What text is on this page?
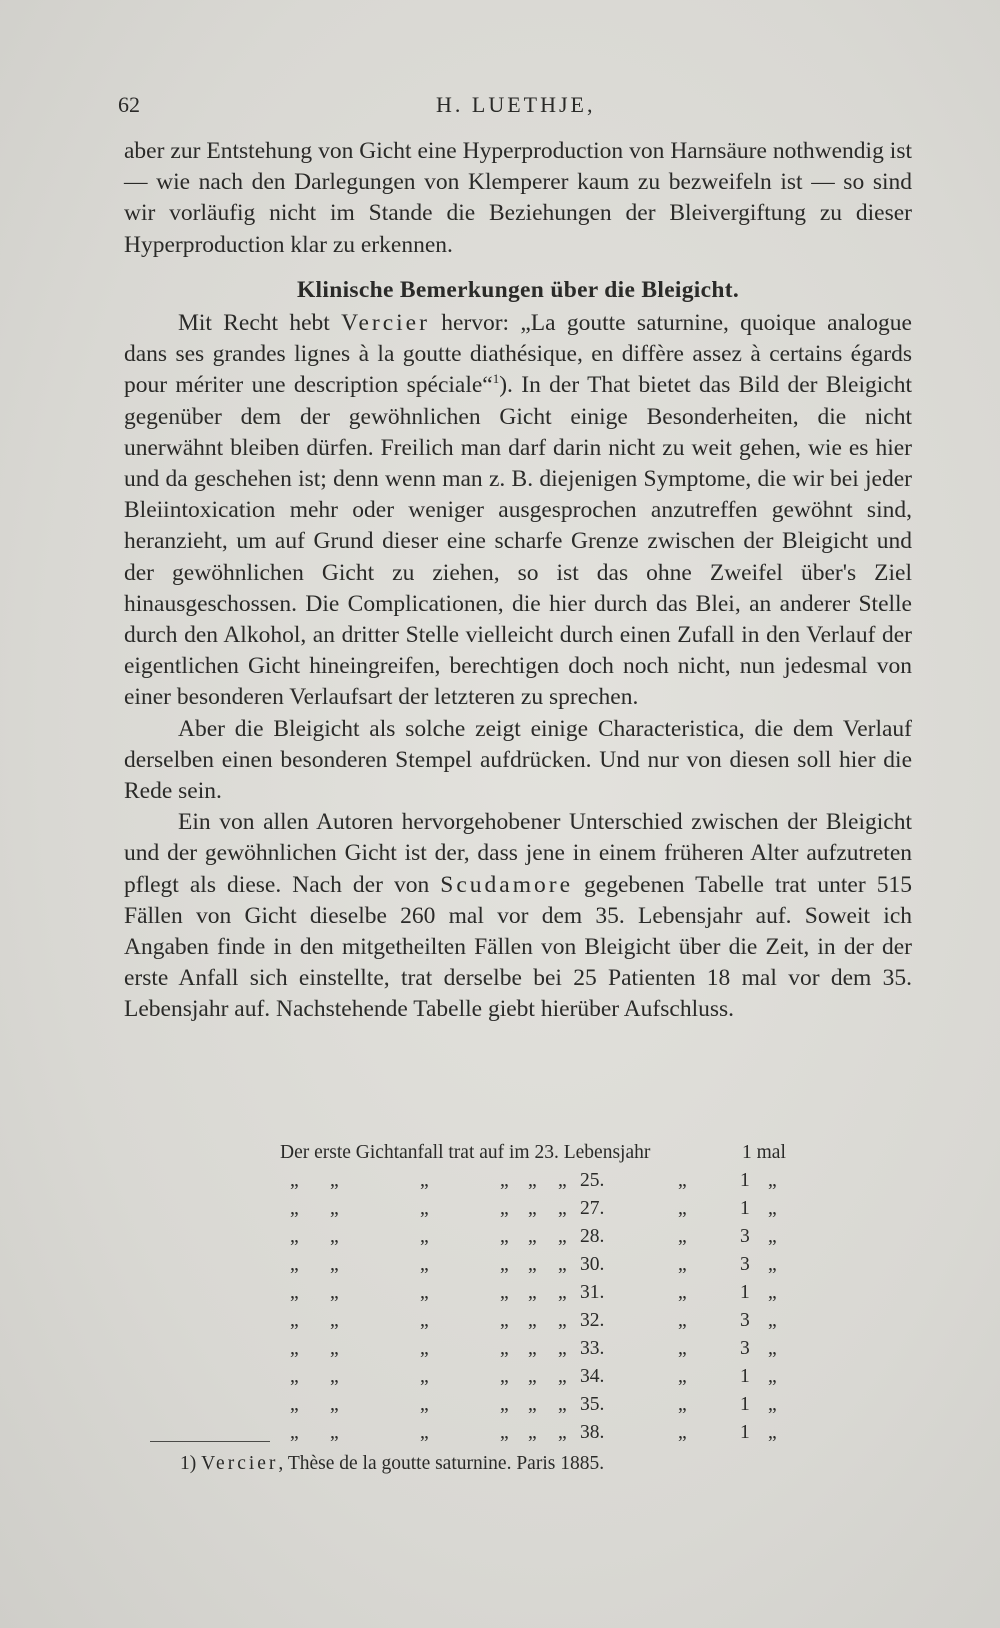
62	H. LUETHJE,

aber zur Entstehung von Gicht eine Hyperproduction von Harnsäure nothwendig ist — wie nach den Darlegungen von Klemperer kaum zu bezweifeln ist — so sind wir vorläufig nicht im Stande die Beziehungen der Bleivergiftung zu dieser Hyperproduction klar zu erkennen.

Klinische Bemerkungen über die Bleigicht.

Mit Recht hebt Vercier hervor: „La goutte saturnine, quoique analogue dans ses grandes lignes à la goutte diathésique, en diffère assez à certains égards pour mériter une description spéciale“$^1$). In der That bietet das Bild der Bleigicht gegenüber dem der gewöhnlichen Gicht einige Besonderheiten, die nicht unerwähnt bleiben dürfen. Freilich man darf darin nicht zu weit gehen, wie es hier und da geschehen ist; denn wenn man z. B. diejenigen Symptome, die wir bei jeder Bleiintoxication mehr oder weniger ausgesprochen anzutreffen gewöhnt sind, heranzieht, um auf Grund dieser eine scharfe Grenze zwischen der Bleigicht und der gewöhnlichen Gicht zu ziehen, so ist das ohne Zweifel über's Ziel hinausgeschossen. Die Complicationen, die hier durch das Blei, an anderer Stelle durch den Alkohol, an dritter Stelle vielleicht durch einen Zufall in den Verlauf der eigentlichen Gicht hineingreifen, berechtigen doch noch nicht, nun jedesmal von einer besonderen Verlaufsart der letzteren zu sprechen.

Aber die Bleigicht als solche zeigt einige Characteristica, die dem Verlauf derselben einen besonderen Stempel aufdrücken. Und nur von diesen soll hier die Rede sein.

Ein von allen Autoren hervorgehobener Unterschied zwischen der Bleigicht und der gewöhnlichen Gicht ist der, dass jene in einem früheren Alter aufzutreten pflegt als diese. Nach der von Scudamore gegebenen Tabelle trat unter 515 Fällen von Gicht dieselbe 260 mal vor dem 35. Lebensjahr auf. Soweit ich Angaben finde in den mitgetheilten Fällen von Bleigicht über die Zeit, in der der erste Anfall sich einstellte, trat derselbe bei 25 Patienten 18 mal vor dem 35. Lebensjahr auf. Nachstehende Tabelle giebt hierüber Aufschluss.

Der erste Gichtanfall trat auf im 23. Lebensjahr	1 mal
„ „	„	„ „ „ 25.	„	1 „
„ „	„	„ „ „ 27.	„	1 „
„ „	„	„ „ „ 28.	„	3 „
„ „	„	„ „ „ 30.	„	3 „
„ „	„	„ „ „ 31.	„	1 „
„ „	„	„ „ „ 32.	„	3 „
„ „	„	„ „ „ 33.	„	3 „
„ „	„	„ „ „ 34.	„	1 „
„ „	„	„ „ „ 35.	„	1 „
„ „	„	„ „ „ 38.	„	1 „
1) Vercier, Thèse de la goutte saturnine. Paris 1885.
